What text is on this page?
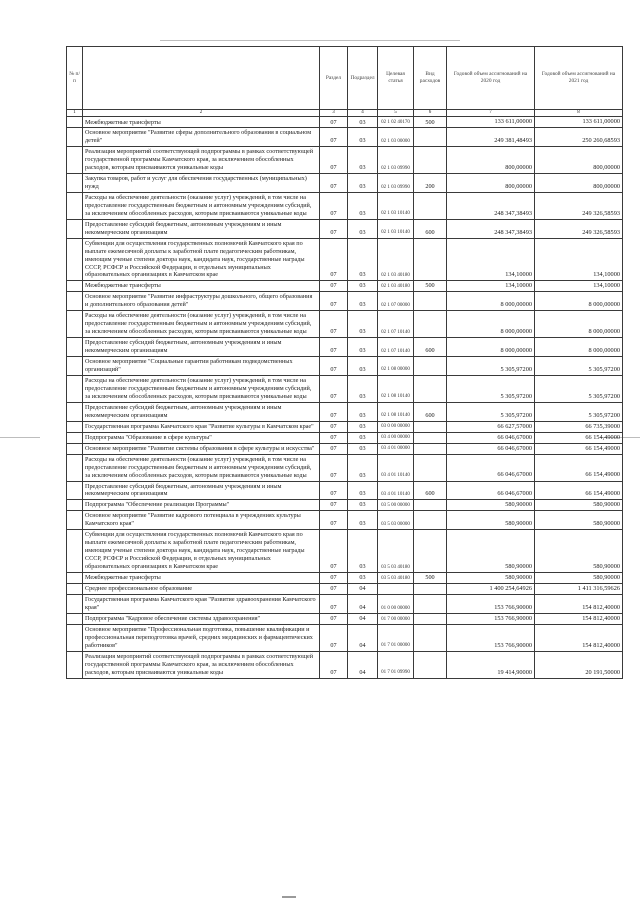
№ п/п		Раздел	Подраздел	Целевая статья	Вид расходов	Годовой объем ассигнований на 2020 год	Годовой объем ассигнований на 2021 год
1	2	3	4	5	6	7	8
	Межбюджетные трансферты	07	03	02 1 02 40170	500	133 611,00000	133 611,00000
	Основное мероприятие "Развитие сферы дополнительного образования в социальном детей"	07	03	02 1 03 00000		249 381,48493	250 260,68593
	Реализация мероприятий соответствующей подпрограммы в рамках соответствующей государственной программы Камчатского края, за исключением обособленных расходов, которым присваиваются уникальные коды	07	03	02 1 03 09990		800,00000	800,00000
	Закупка товаров, работ и услуг для обеспечения государственных (муниципальных) нужд	07	03	02 1 03 09990	200	800,00000	800,00000
	Расходы на обеспечение деятельности (оказание услуг) учреждений, в том числе на предоставление государственным бюджетным и автономным учреждениям субсидий, за исключением обособленных расходов, которым присваиваются уникальные коды	07	03	02 1 03 10140		248 347,38493	249 326,58593
	Предоставление субсидий бюджетным, автономным учреждениям и иным некоммерческим организациям	07	03	02 1 03 10140	600	248 347,38493	249 326,58593
	Субвенции для осуществления государственных полномочий Камчатского края по выплате ежемесячной доплаты к заработной плате педагогическим работникам, имеющим ученые степени доктора наук, кандидата наук, государственные награды СССР, РСФСР и Российской Федерации, в отдельных муниципальных образовательных организациях в Камчатском крае	07	03	02 1 03 40180		134,10000	134,10000
	Межбюджетные трансферты	07	03	02 1 03 40180	500	134,10000	134,10000
	Основное мероприятие "Развитие инфраструктуры дошкольного, общего образования и дополнительного образования детей"	07	03	02 1 07 00000		8 000,00000	8 000,00000
	Расходы на обеспечение деятельности (оказание услуг) учреждений, в том числе на предоставление государственным бюджетным и автономным учреждениям субсидий, за исключением обособленных расходов, которым присваиваются уникальные коды	07	03	02 1 07 10140		8 000,00000	8 000,00000
	Предоставление субсидий бюджетным, автономным учреждениям и иным некоммерческим организациям	07	03	02 1 07 10140	600	8 000,00000	8 000,00000
	Основное мероприятие "Социальные гарантии работникам подведомственных организаций"	07	03	02 1 08 00000		5 305,97200	5 305,97200
	Расходы на обеспечение деятельности (оказание услуг) учреждений, в том числе на предоставление государственным бюджетным и автономным учреждениям субсидий, за исключением обособленных расходов, которым присваиваются уникальные коды	07	03	02 1 08 10140		5 305,97200	5 305,97200
	Предоставление субсидий бюджетным, автономным учреждениям и иным некоммерческим организациям	07	03	02 1 08 10140	600	5 305,97200	5 305,97200
	Государственная программа Камчатского края "Развитие культуры в Камчатском крае"	07	03	03 0 00 00000		66 627,57000	66 735,39000
	Подпрограмма "Образование в сфере культуры"	07	03	03 4 00 00000		66 046,67000	66 154,49000
	Основное мероприятие "Развитие системы образования в сфере культуры и искусства"	07	03	03 4 01 00000		66 046,67000	66 154,49000
	Расходы на обеспечение деятельности (оказание услуг) учреждений, в том числе на предоставление государственным бюджетным и автономным учреждениям субсидий, за исключением обособленных расходов, которым присваиваются уникальные коды	07	03	03 4 01 10140		66 046,67000	66 154,49000
	Предоставление субсидий бюджетным, автономным учреждениям и иным некоммерческим организациям	07	03	03 4 01 10140	600	66 046,67000	66 154,49000
	Подпрограмма "Обеспечение реализации Программы"	07	03	03 5 00 00000		580,90000	580,90000
	Основное мероприятие "Развитие кадрового потенциала в учреждениях культуры Камчатского края"	07	03	03 5 03 00000		580,90000	580,90000
	Субвенции для осуществления государственных полномочий Камчатского края по выплате ежемесячной доплаты к заработной плате педагогическим работникам, имеющим ученые степени доктора наук, кандидата наук, государственные награды СССР, РСФСР и Российской Федерации, в отдельных муниципальных образовательных организациях в Камчатском крае	07	03	03 5 03 40180		580,90000	580,90000
	Межбюджетные трансферты	07	03	03 5 03 40180	500	580,90000	580,90000
	Среднее профессиональное образование	07	04			1 400 254,64926	1 411 316,59626
	Государственная программа Камчатского края "Развитие здравоохранения Камчатского края"	07	04	01 0 00 00000		153 766,90000	154 812,40000
	Подпрограмма "Кадровое обеспечение системы здравоохранения"	07	04	01 7 00 00000		153 766,90000	154 812,40000
	Основное мероприятие "Профессиональная подготовка, повышение квалификации и профессиональная переподготовка врачей, средних медицинских и фармацевтических работников"	07	04	01 7 01 00000		153 766,90000	154 812,40000
	Реализация мероприятий соответствующей подпрограммы в рамках соответствующей государственной программы Камчатского края, за исключением обособленных расходов, которым присваиваются уникальные коды	07	04	01 7 01 09990		19 414,90000	20 191,50000
